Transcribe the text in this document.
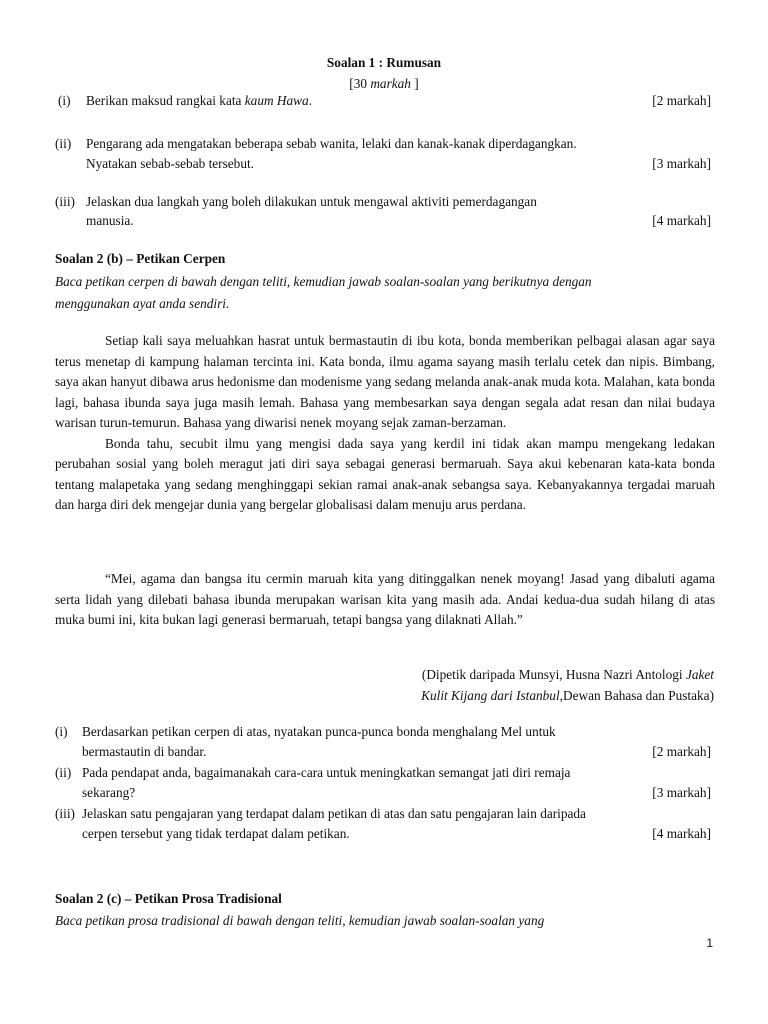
Soalan 1 : Rumusan
[30 markah ]
(i) Berikan maksud rangkai kata kaum Hawa.	[2 markah]
(ii) Pengarang ada mengatakan beberapa sebab wanita, lelaki dan kanak-kanak diperdagangkan.
Nyatakan sebab-sebab tersebut.	[3 markah]
(iii) Jelaskan dua langkah yang boleh dilakukan untuk mengawal aktiviti pemerdagangan
manusia.	[4 markah]
Soalan 2 (b) – Petikan Cerpen
Baca petikan cerpen di bawah dengan teliti, kemudian jawab soalan-soalan yang berikutnya dengan
menggunakan ayat anda sendiri.

Setiap kali saya meluahkan hasrat untuk bermastautin di ibu kota, bonda memberikan pelbagai alasan agar saya terus menetap di kampung halaman tercinta ini. Kata bonda, ilmu agama sayang masih terlalu cetek dan nipis. Bimbang, saya akan hanyut dibawa arus hedonisme dan modenisme yang sedang melanda anak-anak muda kota. Malahan, kata bonda lagi, bahasa ibunda saya juga masih lemah. Bahasa yang membesarkan saya dengan segala adat resan dan nilai budaya warisan turun-temurun. Bahasa yang diwarisi nenek moyang sejak zaman-berzaman.

Bonda tahu, secubit ilmu yang mengisi dada saya yang kerdil ini tidak akan mampu mengekang ledakan perubahan sosial yang boleh meragut jati diri saya sebagai generasi bermaruah. Saya akui kebenaran kata-kata bonda tentang malapetaka yang sedang menghinggapi sekian ramai anak-anak sebangsa saya. Kebanyakannya tergadai maruah dan harga diri dek mengejar dunia yang bergelar globalisasi dalam menuju arus perdana.

“Mei, agama dan bangsa itu cermin maruah kita yang ditinggalkan nenek moyang! Jasad yang dibaluti agama serta lidah yang dilebati bahasa ibunda merupakan warisan kita yang masih ada. Andai kedua-dua sudah hilang di atas muka bumi ini, kita bukan lagi generasi bermaruah, tetapi bangsa yang dilaknati Allah.”

(Dipetik daripada Munsyi, Husna Nazri Antologi Jaket
Kulit Kijang dari Istanbul,Dewan Bahasa dan Pustaka)
(i) Berdasarkan petikan cerpen di atas, nyatakan punca-punca bonda menghalang Mel untuk
bermastautin di bandar.	[2 markah]
(ii) Pada pendapat anda, bagaimanakah cara-cara untuk meningkatkan semangat jati diri remaja
sekarang?	[3 markah]
(iii) Jelaskan satu pengajaran yang terdapat dalam petikan di atas dan satu pengajaran lain daripada
cerpen tersebut yang tidak terdapat dalam petikan.	[4 markah]
Soalan 2 (c) – Petikan Prosa Tradisional
Baca petikan prosa tradisional di bawah dengan teliti, kemudian jawab soalan-soalan yang
1
